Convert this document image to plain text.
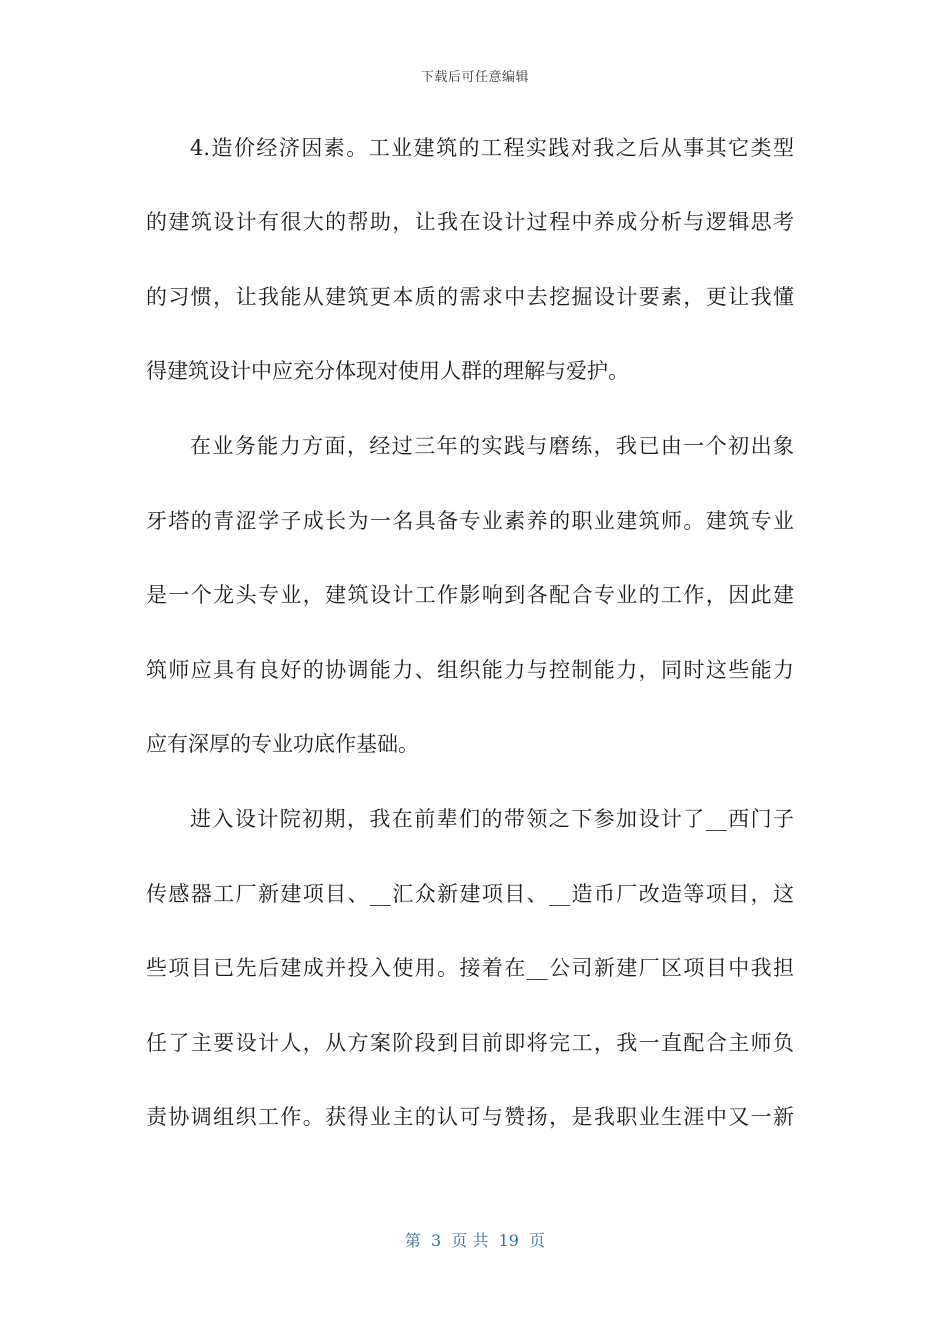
下载后可任意编辑
4.造价经济因素。工业建筑的工程实践对我之后从事其它类型
的建筑设计有很大的帮助，让我在设计过程中养成分析与逻辑思考
的习惯，让我能从建筑更本质的需求中去挖掘设计要素，更让我懂
得建筑设计中应充分体现对使用人群的理解与爱护。
在业务能力方面，经过三年的实践与磨练，我已由一个初出象
牙塔的青涩学子成长为一名具备专业素养的职业建筑师。建筑专业
是一个龙头专业，建筑设计工作影响到各配合专业的工作，因此建
筑师应具有良好的协调能力、组织能力与控制能力，同时这些能力
应有深厚的专业功底作基础。
进入设计院初期，我在前辈们的带领之下参加设计了__西门子
传感器工厂新建项目、__汇众新建项目、__造币厂改造等项目，这
些项目已先后建成并投入使用。接着在__公司新建厂区项目中我担
任了主要设计人，从方案阶段到目前即将完工，我一直配合主师负
责协调组织工作。获得业主的认可与赞扬，是我职业生涯中又一新
第  3  页 共  19  页
